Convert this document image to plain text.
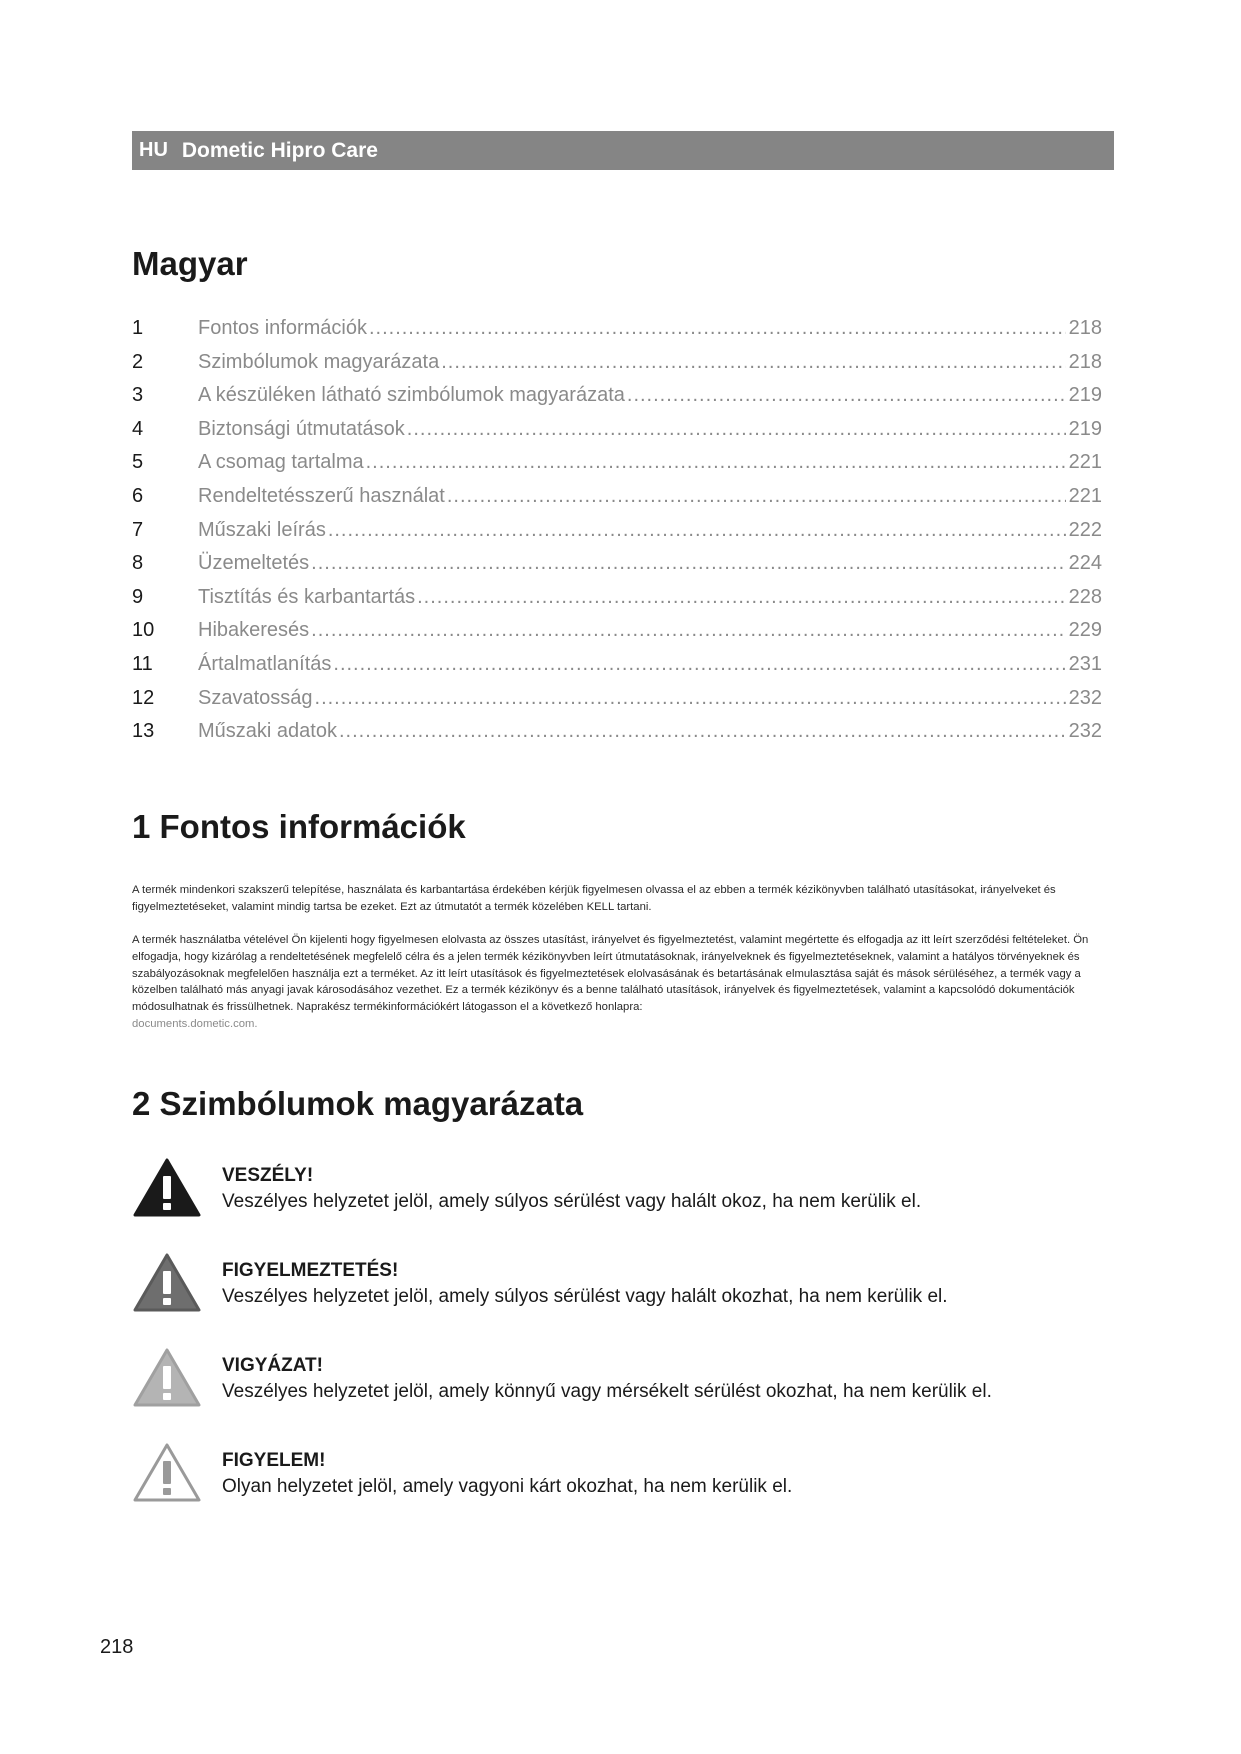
HU Dometic Hipro Care
Magyar
1	Fontos információk .....	218
2	Szimbólumok magyarázata .....	218
3	A készüléken látható szimbólumok magyarázata .....	219
4	Biztonsági útmutatások .....	219
5	A csomag tartalma .....	221
6	Rendeltetésszerű használat .....	221
7	Műszaki leírás .....	222
8	Üzemeltetés .....	224
9	Tisztítás és karbantartás .....	228
10	Hibakeresés .....	229
11	Ártalmatlanítás .....	231
12	Szavatosság .....	232
13	Műszaki adatok .....	232
1 Fontos információk

A termék mindenkori szakszerű telepítése, használata és karbantartása érdekében kérjük figyelmesen olvassa el az ebben a termék kézikönyvben található utasításokat, irányelveket és figyelmeztetéseket, valamint mindig tartsa be ezeket. Ezt az útmutatót a termék közelében KELL tartani.

A termék használatba vételével Ön kijelenti hogy figyelmesen elolvasta az összes utasítást, irányelvet és figyelmeztetést, valamint megértette és elfogadja az itt leírt szerződési feltételeket. Ön elfogadja, hogy kizárólag a rendeltetésének megfelelő célra és a jelen termék kézikönyvben leírt útmutatásoknak, irányelveknek és figyelmeztetéseknek, valamint a hatályos törvényeknek és szabályozásoknak megfelelően használja ezt a terméket. Az itt leírt utasítások és figyelmeztetések elolvasásának és betartásának elmulasztása saját és mások sérüléséhez, a termék vagy a közelben található más anyagi javak károsodásához vezethet. Ez a termék kézikönyv és a benne található utasítások, irányelvek és figyelmeztetések, valamint a kapcsolódó dokumentációk módosulhatnak és frissülhetnek. Naprakész termékinformációkért látogasson el a következő honlapra:
documents.dometic.com.

2 Szimbólumok magyarázata

VESZÉLY!

Veszélyes helyzetet jelöl, amely súlyos sérülést vagy halált okoz, ha nem kerülik el.

FIGYELMEZTETÉS!

Veszélyes helyzetet jelöl, amely súlyos sérülést vagy halált okozhat, ha nem kerülik el.

VIGYÁZAT!

Veszélyes helyzetet jelöl, amely könnyű vagy mérsékelt sérülést okozhat, ha nem kerülik el.

FIGYELEM!

Olyan helyzetet jelöl, amely vagyoni kárt okozhat, ha nem kerülik el.

218
